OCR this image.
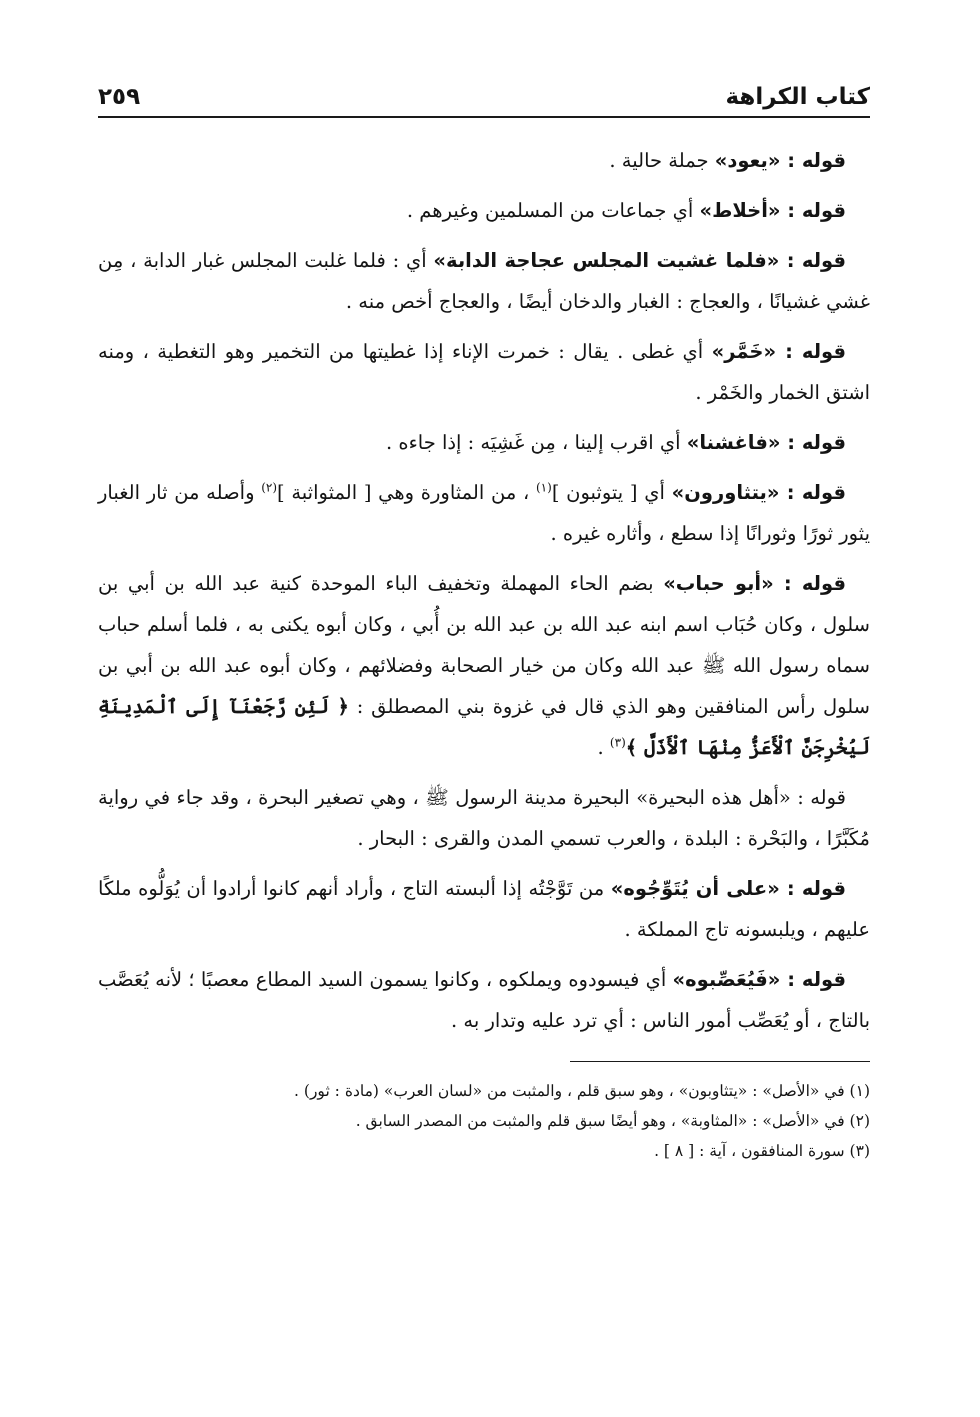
كتاب الكراهة
٢٥٩

قوله : «يعود» جملة حالية .

قوله : «أخلاط» أي جماعات من المسلمين وغيرهم .

قوله : «فلما غشيت المجلس عجاجة الدابة» أي : فلما غلبت المجلس غبار الدابة ، مِن غشي غشيانًا ، والعجاج : الغبار والدخان أيضًا ، والعجاج أخص منه .

قوله : «خَمَّر» أي غطى . يقال : خمرت الإناء إذا غطيتها من التخمير وهو التغطية ، ومنه اشتق الخمار والخَمْر .

قوله : «فاغشنا» أي اقرب إلينا ، مِن غَشِيَه : إذا جاءه .

قوله : «يتثاورون» أي [ يتوثبون ]$^{(١)}$ ، من المثاورة وهي [ المثواثبة ]$^{(٢)}$ وأصله من ثار الغبار يثور ثورًا وثورانًا إذا سطع ، وأثاره غيره .

قوله : «أبو حباب» بضم الحاء المهملة وتخفيف الباء الموحدة كنية عبد الله بن أبي بن سلول ، وكان حُبَاب اسم ابنه عبد الله بن عبد الله بن أُبي ، وكان أبوه يكنى به ، فلما أسلم حباب سماه رسول الله ﷺ عبد الله وكان من خيار الصحابة وفضلائهم ، وكان أبوه عبد الله بن أبي بن سلول رأس المنافقين وهو الذي قال في غزوة بني المصطلق : ﴿ لَئِن رَّجَعْنَآ إِلَى ٱلْمَدِينَةِ لَيُخْرِجَنَّ ٱلْأَعَزُّ مِنْهَا ٱلْأَذَلَّ ﴾$^{(٣)}$ .

قوله : «أهل هذه البحيرة» البحيرة مدينة الرسول ﷺ ، وهي تصغير البحرة ، وقد جاء في رواية مُكَبَّرًا ، والبَحْرة : البلدة ، والعرب تسمي المدن والقرى : البحار .

قوله : «على أن يُتَوِّجُوه» من تَوَّجْتُه إذا ألبسته التاج ، وأراد أنهم كانوا أرادوا أن يُوَلُّوه ملكًا عليهم ، ويلبسونه تاج المملكة .

قوله : «فَيُعَصِّبوه» أي فيسودوه ويملكوه ، وكانوا يسمون السيد المطاع معصبًا ؛ لأنه يُعَصَّب بالتاج ، أو يُعَصِّب أمور الناس : أي ترد عليه وتدار به .

(١) في «الأصل» : «يتثاوبون» ، وهو سبق قلم ، والمثبت من «لسان العرب» (مادة : ثور) .

(٢) في «الأصل» : «المثاوبة» ، وهو أيضًا سبق قلم والمثبت من المصدر السابق .

(٣) سورة المنافقون ، آية : [ ٨ ] .
